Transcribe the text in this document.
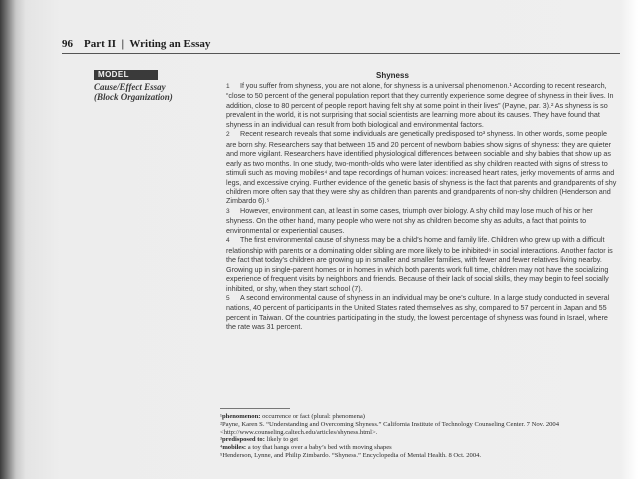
96 Part II | Writing an Essay
MODEL
Cause/Effect Essay (Block Organization)
Shyness

1 If you suffer from shyness, you are not alone, for shyness is a universal phenomenon.¹ According to recent research, “close to 50 percent of the general population report that they currently experience some degree of shyness in their lives. In addition, close to 80 percent of people report having felt shy at some point in their lives” (Payne, par. 3).² As shyness is so prevalent in the world, it is not surprising that social scientists are learning more about its causes. They have found that shyness in an individual can result from both biological and environmental factors.

2 Recent research reveals that some individuals are genetically predisposed to³ shyness. In other words, some people are born shy. Researchers say that between 15 and 20 percent of newborn babies show signs of shyness: they are quieter and more vigilant. Researchers have identified physiological differences between sociable and shy babies that show up as early as two months. In one study, two-month-olds who were later identified as shy children reacted with signs of stress to stimuli such as moving mobiles⁴ and tape recordings of human voices: increased heart rates, jerky movements of arms and legs, and excessive crying. Further evidence of the genetic basis of shyness is the fact that parents and grandparents of shy children more often say that they were shy as children than parents and grandparents of non-shy children (Henderson and Zimbardo 6).⁵

3 However, environment can, at least in some cases, triumph over biology. A shy child may lose much of his or her shyness. On the other hand, many people who were not shy as children become shy as adults, a fact that points to environmental or experiential causes.

4 The first environmental cause of shyness may be a child’s home and family life. Children who grew up with a difficult relationship with parents or a dominating older sibling are more likely to be inhibited⁶ in social interactions. Another factor is the fact that today’s children are growing up in smaller and smaller families, with fewer and fewer relatives living nearby. Growing up in single-parent homes or in homes in which both parents work full time, children may not have the socializing experience of frequent visits by neighbors and friends. Because of their lack of social skills, they may begin to feel socially inhibited, or shy, when they start school (7).

5 A second environmental cause of shyness in an individual may be one’s culture. In a large study conducted in several nations, 40 percent of participants in the United States rated themselves as shy, compared to 57 percent in Japan and 55 percent in Taiwan. Of the countries participating in the study, the lowest percentage of shyness was found in Israel, where the rate was 31 percent.

¹phenomenon: occurrence or fact (plural: phenomena)
²Payne, Karen S. “Understanding and Overcoming Shyness.” California Institute of Technology Counseling Center. 7 Nov. 2004 <http://www.counseling.caltech.edu/articles/shyness.html>.
³predisposed to: likely to get
⁴mobiles: a toy that hangs over a baby’s bed with moving shapes
⁵Henderson, Lynne, and Philip Zimbardo. “Shyness.” Encyclopedia of Mental Health. 8 Oct. 2004.
